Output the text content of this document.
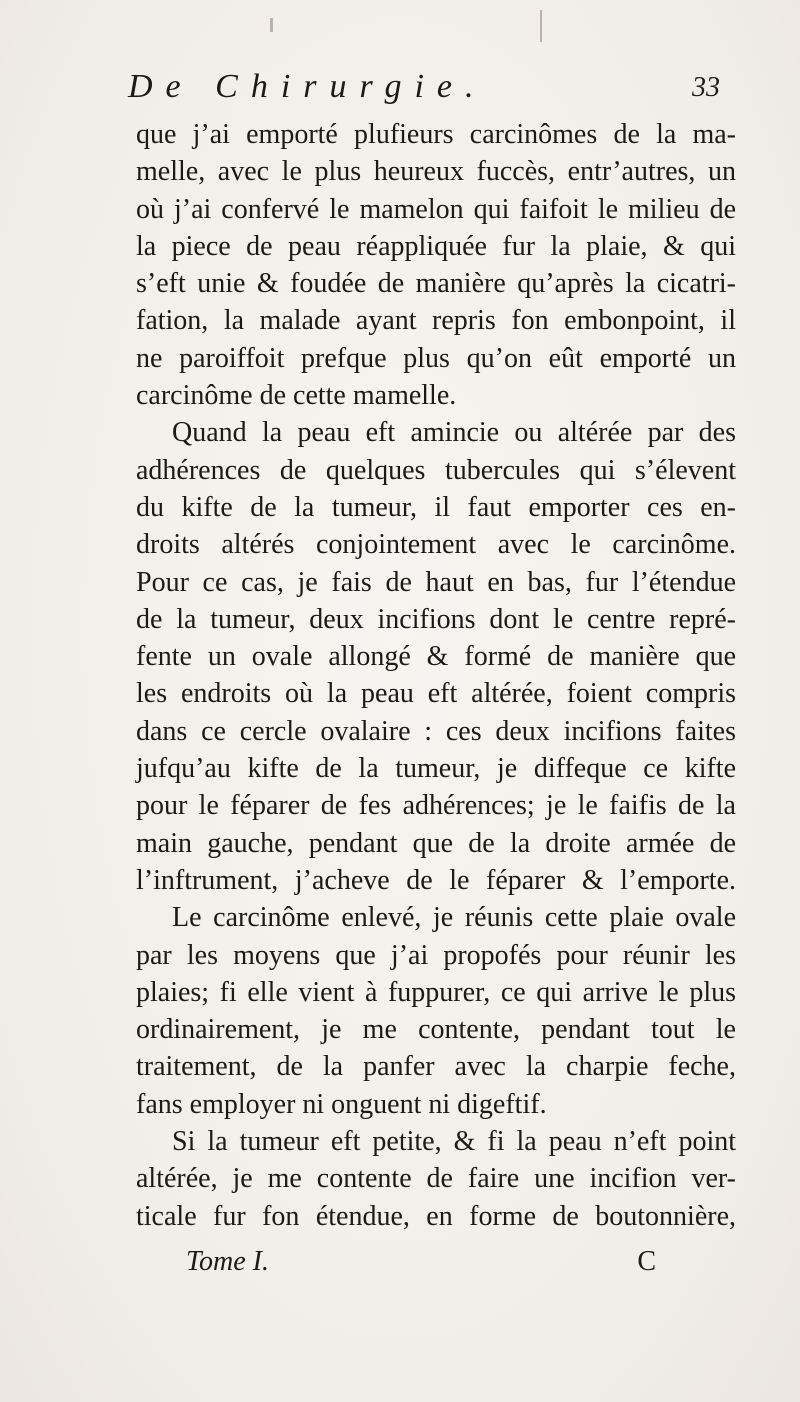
De Chirurgie.	33
que j’ai emporté plufieurs carcinômes de la ma-
melle, avec le plus heureux fuccès, entr’autres, un
où j’ai confervé le mamelon qui faifoit le milieu de
la piece de peau réappliquée fur la plaie, & qui
s’eft unie & foudée de manière qu’après la cicatri-
fation, la malade ayant repris fon embonpoint, il
ne paroiffoit prefque plus qu’on eût emporté un
carcinôme de cette mamelle.
Quand la peau eft amincie ou altérée par des
adhérences de quelques tubercules qui s’élevent
du kifte de la tumeur, il faut emporter ces en-
droits altérés conjointement avec le carcinôme.
Pour ce cas, je fais de haut en bas, fur l’étendue
de la tumeur, deux incifions dont le centre repré-
fente un ovale allongé & formé de manière que
les endroits où la peau eft altérée, foient compris
dans ce cercle ovalaire : ces deux incifions faites
jufqu’au kifte de la tumeur, je diffeque ce kifte
pour le féparer de fes adhérences; je le faifis de la
main gauche, pendant que de la droite armée de
l’inftrument, j’acheve de le féparer & l’emporte.
Le carcinôme enlevé, je réunis cette plaie ovale
par les moyens que j’ai propofés pour réunir les
plaies; fi elle vient à fuppurer, ce qui arrive le plus
ordinairement, je me contente, pendant tout le
traitement, de la panfer avec la charpie feche,
fans employer ni onguent ni digeftif.
Si la tumeur eft petite, & fi la peau n’eft point
altérée, je me contente de faire une incifion ver-
ticale fur fon étendue, en forme de boutonnière,
Tome I.	C
